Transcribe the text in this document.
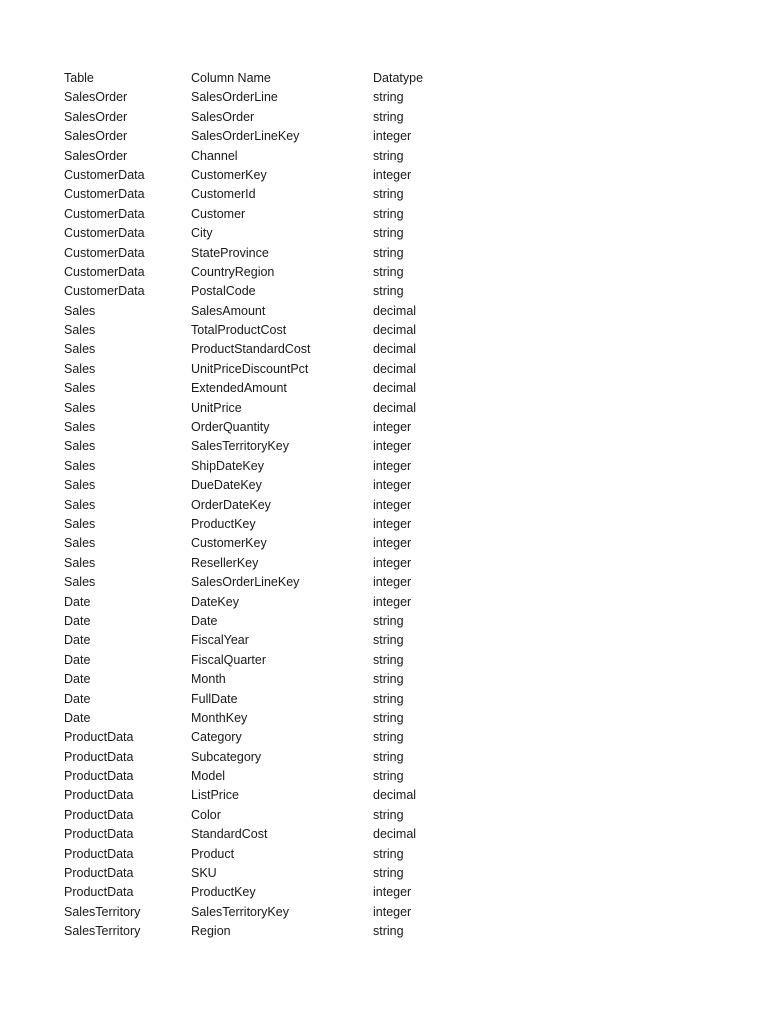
Table	Column Name	Datatype
SalesOrder	SalesOrderLine	string
SalesOrder	SalesOrder	string
SalesOrder	SalesOrderLineKey	integer
SalesOrder	Channel	string
CustomerData	CustomerKey	integer
CustomerData	CustomerId	string
CustomerData	Customer	string
CustomerData	City	string
CustomerData	StateProvince	string
CustomerData	CountryRegion	string
CustomerData	PostalCode	string
Sales	SalesAmount	decimal
Sales	TotalProductCost	decimal
Sales	ProductStandardCost	decimal
Sales	UnitPriceDiscountPct	decimal
Sales	ExtendedAmount	decimal
Sales	UnitPrice	decimal
Sales	OrderQuantity	integer
Sales	SalesTerritoryKey	integer
Sales	ShipDateKey	integer
Sales	DueDateKey	integer
Sales	OrderDateKey	integer
Sales	ProductKey	integer
Sales	CustomerKey	integer
Sales	ResellerKey	integer
Sales	SalesOrderLineKey	integer
Date	DateKey	integer
Date	Date	string
Date	FiscalYear	string
Date	FiscalQuarter	string
Date	Month	string
Date	FullDate	string
Date	MonthKey	string
ProductData	Category	string
ProductData	Subcategory	string
ProductData	Model	string
ProductData	ListPrice	decimal
ProductData	Color	string
ProductData	StandardCost	decimal
ProductData	Product	string
ProductData	SKU	string
ProductData	ProductKey	integer
SalesTerritory	SalesTerritoryKey	integer
SalesTerritory	Region	string
